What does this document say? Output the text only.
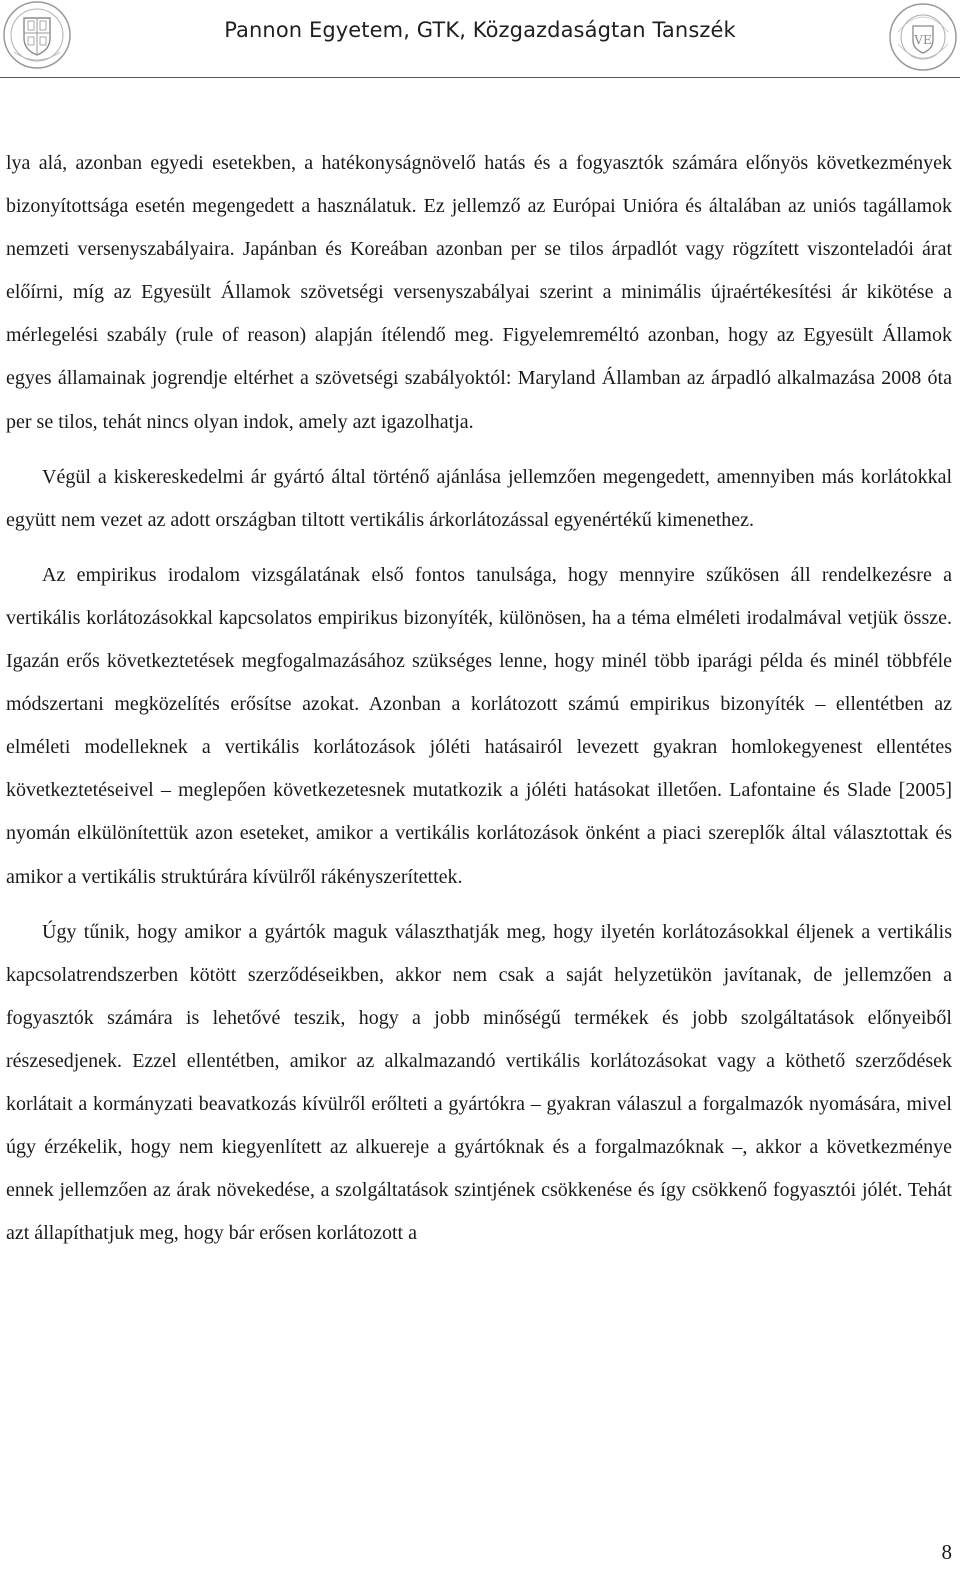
Pannon Egyetem, GTK, Közgazdaságtan Tanszék	VE

lya alá, azonban egyedi esetekben, a hatékonyságnövelő hatás és a fogyasztók számára előnyös következmények bizonyítottsága esetén megengedett a használatuk. Ez jellemző az Európai Unióra és általában az uniós tagállamok nemzeti versenyszabályaira. Japánban és Koreában azonban per se tilos árpadlót vagy rögzített viszonteladói árat előírni, míg az Egyesült Államok szövetségi versenyszabályai szerint a minimális újraértékesítési ár kikötése a mérlegelési szabály (rule of reason) alapján ítélendő meg. Figyelemreméltó azonban, hogy az Egyesült Államok egyes államainak jogrendje eltérhet a szövetségi szabályoktól: Maryland Államban az árpadló alkalmazása 2008 óta per se tilos, tehát nincs olyan indok, amely azt igazolhatja.

Végül a kiskereskedelmi ár gyártó által történő ajánlása jellemzően megengedett, amennyiben más korlátokkal együtt nem vezet az adott országban tiltott vertikális árkorlátozással egyenértékű kimenethez.

Az empirikus irodalom vizsgálatának első fontos tanulsága, hogy mennyire szűkösen áll rendelkezésre a vertikális korlátozásokkal kapcsolatos empirikus bizonyíték, különösen, ha a téma elméleti irodalmával vetjük össze. Igazán erős következtetések megfogalmazásához szükséges lenne, hogy minél több iparági példa és minél többféle módszertani megközelítés erősítse azokat. Azonban a korlátozott számú empirikus bizonyíték – ellentétben az elméleti modelleknek a vertikális korlátozások jóléti hatásairól levezett gyakran homlokegyenest ellentétes következtetéseivel – meglepően következetesnek mutatkozik a jóléti hatásokat illetően. Lafontaine és Slade [2005] nyomán elkülönítettük azon eseteket, amikor a vertikális korlátozások önként a piaci szereplők által választottak és amikor a vertikális struktúrára kívülről rákényszerítettek.

Úgy tűnik, hogy amikor a gyártók maguk választhatják meg, hogy ilyetén korlátozásokkal éljenek a vertikális kapcsolatrendszerben kötött szerződéseikben, akkor nem csak a saját helyzetükön javítanak, de jellemzően a fogyasztók számára is lehetővé teszik, hogy a jobb minőségű termékek és jobb szolgáltatások előnyeiből részesedjenek. Ezzel ellentétben, amikor az alkalmazandó vertikális korlátozásokat vagy a köthető szerződések korlátait a kormányzati beavatkozás kívülről erőlteti a gyártókra – gyakran válaszul a forgalmazók nyomására, mivel úgy érzékelik, hogy nem kiegyenlített az alkuereje a gyártóknak és a forgalmazóknak –, akkor a következménye ennek jellemzően az árak növekedése, a szolgáltatások szintjének csökkenése és így csökkenő fogyasztói jólét. Tehát azt állapíthatjuk meg, hogy bár erősen korlátozott a

8
